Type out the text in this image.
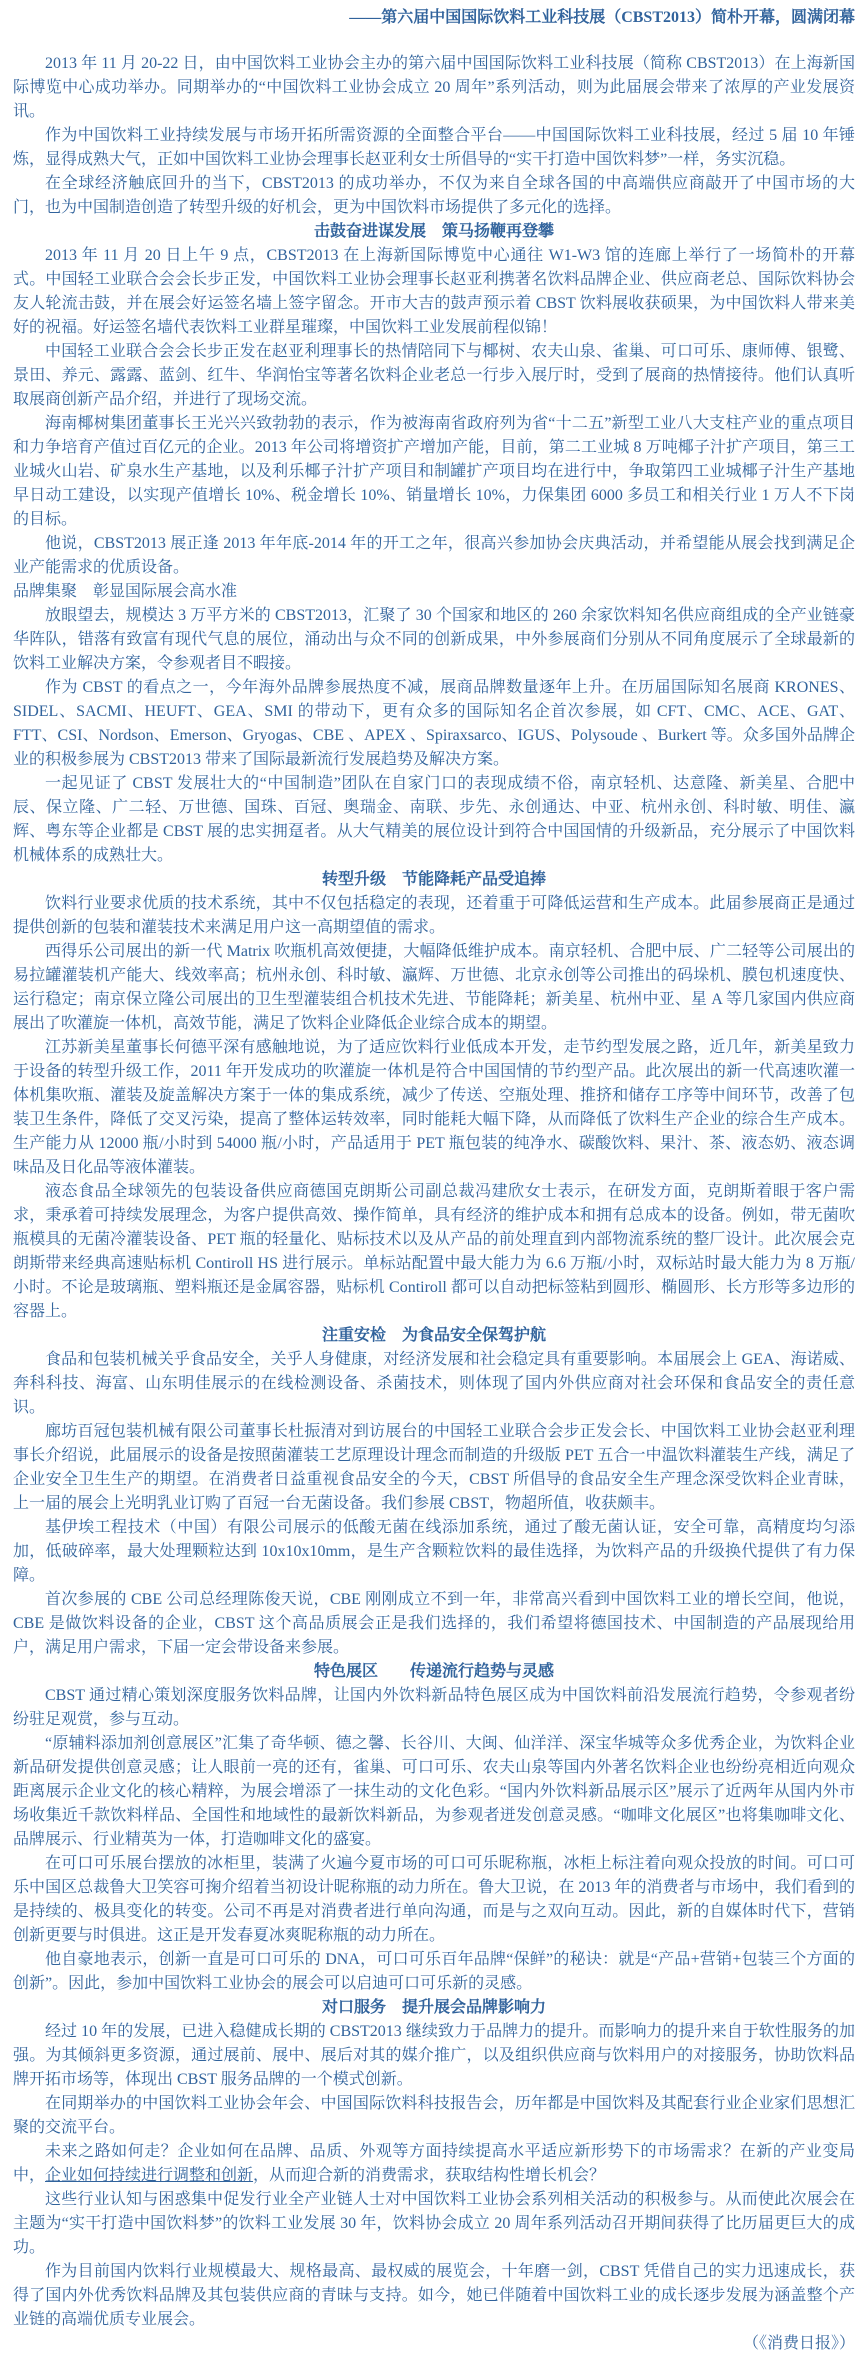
——第六届中国国际饮料工业科技展（CBST2013）简朴开幕，圆满闭幕

2013 年 11 月 20-22 日，由中国饮料工业协会主办的第六届中国国际饮料工业科技展（简称 CBST2013）在上海新国际博览中心成功举办。同期举办的“中国饮料工业协会成立 20 周年”系列活动，则为此届展会带来了浓厚的产业发展资讯。

作为中国饮料工业持续发展与市场开拓所需资源的全面整合平台——中国国际饮料工业科技展，经过 5 届 10 年锤炼，显得成熟大气，正如中国饮料工业协会理事长赵亚利女士所倡导的“实干打造中国饮料梦”一样，务实沉稳。

在全球经济触底回升的当下，CBST2013 的成功举办，不仅为来自全球各国的中高端供应商敲开了中国市场的大门，也为中国制造创造了转型升级的好机会，更为中国饮料市场提供了多元化的选择。

击鼓奋进谋发展　策马扬鞭再登攀

2013 年 11 月 20 日上午 9 点，CBST2013 在上海新国际博览中心通往 W1-W3 馆的连廊上举行了一场简朴的开幕式。中国轻工业联合会会长步正发，中国饮料工业协会理事长赵亚利携著名饮料品牌企业、供应商老总、国际饮料协会友人轮流击鼓，并在展会好运签名墙上签字留念。开市大吉的鼓声预示着 CBST 饮料展收获硕果，为中国饮料人带来美好的祝福。好运签名墙代表饮料工业群星璀璨，中国饮料工业发展前程似锦！

中国轻工业联合会会长步正发在赵亚利理事长的热情陪同下与椰树、农夫山泉、雀巢、可口可乐、康师傅、银鹭、景田、养元、露露、蓝剑、红牛、华润怡宝等著名饮料企业老总一行步入展厅时，受到了展商的热情接待。他们认真听取展商创新产品介绍，并进行了现场交流。

海南椰树集团董事长王光兴兴致勃勃的表示，作为被海南省政府列为省“十二五”新型工业八大支柱产业的重点项目和力争培育产值过百亿元的企业。2013 年公司将增资扩产增加产能，目前，第二工业城 8 万吨椰子汁扩产项目，第三工业城火山岩、矿泉水生产基地，以及利乐椰子汁扩产项目和制罐扩产项目均在进行中，争取第四工业城椰子汁生产基地早日动工建设，以实现产值增长 10%、税金增长 10%、销量增长 10%，力保集团 6000 多员工和相关行业 1 万人不下岗的目标。

他说，CBST2013 展正逢 2013 年年底-2014 年的开工之年，很高兴参加协会庆典活动，并希望能从展会找到满足企业产能需求的优质设备。

品牌集聚　彰显国际展会高水准

放眼望去，规模达 3 万平方米的 CBST2013，汇聚了 30 个国家和地区的 260 余家饮料知名供应商组成的全产业链豪华阵队，错落有致富有现代气息的展位，涌动出与众不同的创新成果，中外参展商们分别从不同角度展示了全球最新的饮料工业解决方案，令参观者目不暇接。

作为 CBST 的看点之一，今年海外品牌参展热度不减，展商品牌数量逐年上升。在历届国际知名展商 KRONES、SIDEL、SACMI、HEUFT、GEA、SMI 的带动下，更有众多的国际知名企首次参展，如 CFT、CMC、ACE、GAT、FTT、CSI、Nordson、Emerson、Gryogas、CBE 、APEX 、Spiraxsarco、IGUS、Polysoude 、Burkert 等。众多国外品牌企业的积极参展为 CBST2013 带来了国际最新流行发展趋势及解决方案。

一起见证了 CBST 发展壮大的“中国制造”团队在自家门口的表现成绩不俗，南京轻机、达意隆、新美星、合肥中辰、保立隆、广二轻、万世德、国珠、百冠、奥瑞金、南联、步先、永创通达、中亚、杭州永创、科时敏、明佳、瀛辉、粤东等企业都是 CBST 展的忠实拥趸者。从大气精美的展位设计到符合中国国情的升级新品，充分展示了中国饮料机械体系的成熟壮大。

转型升级　节能降耗产品受追捧

饮料行业要求优质的技术系统，其中不仅包括稳定的表现，还着重于可降低运营和生产成本。此届参展商正是通过提供创新的包装和灌装技术来满足用户这一高期望值的需求。

西得乐公司展出的新一代 Matrix 吹瓶机高效便捷，大幅降低维护成本。南京轻机、合肥中辰、广二轻等公司展出的易拉罐灌装机产能大、线效率高；杭州永创、科时敏、瀛辉、万世德、北京永创等公司推出的码垛机、膜包机速度快、运行稳定；南京保立隆公司展出的卫生型灌装组合机技术先进、节能降耗；新美星、杭州中亚、星 A 等几家国内供应商展出了吹灌旋一体机，高效节能，满足了饮料企业降低企业综合成本的期望。

江苏新美星董事长何德平深有感触地说，为了适应饮料行业低成本开发，走节约型发展之路，近几年，新美星致力于设备的转型升级工作，2011 年开发成功的吹灌旋一体机是符合中国国情的节约型产品。此次展出的新一代高速吹灌一体机集吹瓶、灌装及旋盖解决方案于一体的集成系统，减少了传送、空瓶处理、推挤和储存工序等中间环节，改善了包装卫生条件，降低了交叉污染，提高了整体运转效率，同时能耗大幅下降，从而降低了饮料生产企业的综合生产成本。生产能力从 12000 瓶/小时到 54000 瓶/小时，产品适用于 PET 瓶包装的纯净水、碳酸饮料、果汁、茶、液态奶、液态调味品及日化品等液体灌装。

液态食品全球领先的包装设备供应商德国克朗斯公司副总裁冯建欣女士表示，在研发方面，克朗斯着眼于客户需求，秉承着可持续发展理念，为客户提供高效、操作简单，具有经济的维护成本和拥有总成本的设备。例如，带无菌吹瓶模具的无菌冷灌装设备、PET 瓶的轻量化、贴标技术以及从产品的前处理直到内部物流系统的整厂设计。此次展会克朗斯带来经典高速贴标机 Contiroll HS 进行展示。单标站配置中最大能力为 6.6 万瓶/小时，双标站时最大能力为 8 万瓶/小时。不论是玻璃瓶、塑料瓶还是金属容器，贴标机 Contiroll 都可以自动把标签粘到圆形、椭圆形、长方形等多边形的容器上。

注重安检　为食品安全保驾护航

食品和包装机械关乎食品安全，关乎人身健康，对经济发展和社会稳定具有重要影响。本届展会上 GEA、海诺威、奔科科技、海富、山东明佳展示的在线检测设备、杀菌技术，则体现了国内外供应商对社会环保和食品安全的责任意识。

廊坊百冠包装机械有限公司董事长杜振清对到访展台的中国轻工业联合会步正发会长、中国饮料工业协会赵亚利理事长介绍说，此届展示的设备是按照菌灌装工艺原理设计理念而制造的升级版 PET 五合一中温饮料灌装生产线，满足了企业安全卫生生产的期望。在消费者日益重视食品安全的今天，CBST 所倡导的食品安全生产理念深受饮料企业青昧，上一届的展会上光明乳业订购了百冠一台无菌设备。我们参展 CBST，物超所值，收获颇丰。

基伊埃工程技术（中国）有限公司展示的低酸无菌在线添加系统，通过了酸无菌认证，安全可靠，高精度均匀添加，低破碎率，最大处理颗粒达到 10x10x10mm，是生产含颗粒饮料的最佳选择，为饮料产品的升级换代提供了有力保障。

首次参展的 CBE 公司总经理陈俊天说，CBE 刚刚成立不到一年，非常高兴看到中国饮料工业的增长空间，他说，CBE 是做饮料设备的企业，CBST 这个高品质展会正是我们选择的，我们希望将德国技术、中国制造的产品展现给用户，满足用户需求，下届一定会带设备来参展。

特色展区　　传递流行趋势与灵感

CBST 通过精心策划深度服务饮料品牌，让国内外饮料新品特色展区成为中国饮料前沿发展流行趋势，令参观者纷纷驻足观赏，参与互动。

“原辅料添加剂创意展区”汇集了奇华顿、德之馨、长谷川、大闽、仙洋洋、深宝华城等众多优秀企业，为饮料企业新品研发提供创意灵感；让人眼前一亮的还有，雀巢、可口可乐、农夫山泉等国内外著名饮料企业也纷纷亮相近向观众距离展示企业文化的核心精粹，为展会增添了一抹生动的文化色彩。“国内外饮料新品展示区”展示了近两年从国内外市场收集近千款饮料样品、全国性和地域性的最新饮料新品，为参观者迸发创意灵感。“咖啡文化展区”也将集咖啡文化、品牌展示、行业精英为一体，打造咖啡文化的盛宴。

在可口可乐展台摆放的冰柜里，装满了火遍今夏市场的可口可乐昵称瓶，冰柜上标注着向观众投放的时间。可口可乐中国区总裁鲁大卫笑容可掬介绍着当初设计昵称瓶的动力所在。鲁大卫说，在 2013 年的消费者与市场中，我们看到的是持续的、极具变化的转变。公司不再是对消费者进行单向沟通，而是与之双向互动。因此，新的自媒体时代下，营销创新更要与时俱进。这正是开发春夏冰爽昵称瓶的动力所在。

他自豪地表示，创新一直是可口可乐的 DNA，可口可乐百年品牌“保鲜”的秘诀：就是“产品+营销+包装三个方面的创新”。因此，参加中国饮料工业协会的展会可以启迪可口可乐新的灵感。

对口服务　提升展会品牌影响力

经过 10 年的发展，已进入稳健成长期的 CBST2013 继续致力于品牌力的提升。而影响力的提升来自于软性服务的加强。为其倾斜更多资源，通过展前、展中、展后对其的媒介推广，以及组织供应商与饮料用户的对接服务，协助饮料品牌开拓市场等，体现出 CBST 服务品牌的一个模式创新。

在同期举办的中国饮料工业协会年会、中国国际饮料科技报告会，历年都是中国饮料及其配套行业企业家们思想汇聚的交流平台。

未来之路如何走？企业如何在品牌、品质、外观等方面持续提高水平适应新形势下的市场需求？在新的产业变局中，企业如何持续进行调整和创新，从而迎合新的消费需求，获取结构性增长机会？

这些行业认知与困惑集中促发行业全产业链人士对中国饮料工业协会系列相关活动的积极参与。从而使此次展会在主题为“实干打造中国饮料梦”的饮料工业发展 30 年，饮料协会成立 20 周年系列活动召开期间获得了比历届更巨大的成功。

作为目前国内饮料行业规模最大、规格最高、最权威的展览会，十年磨一剑，CBST 凭借自己的实力迅速成长，获得了国内外优秀饮料品牌及其包装供应商的青昧与支持。如今，她已伴随着中国饮料工业的成长逐步发展为涵盖整个产业链的高端优质专业展会。

（《消费日报》）
